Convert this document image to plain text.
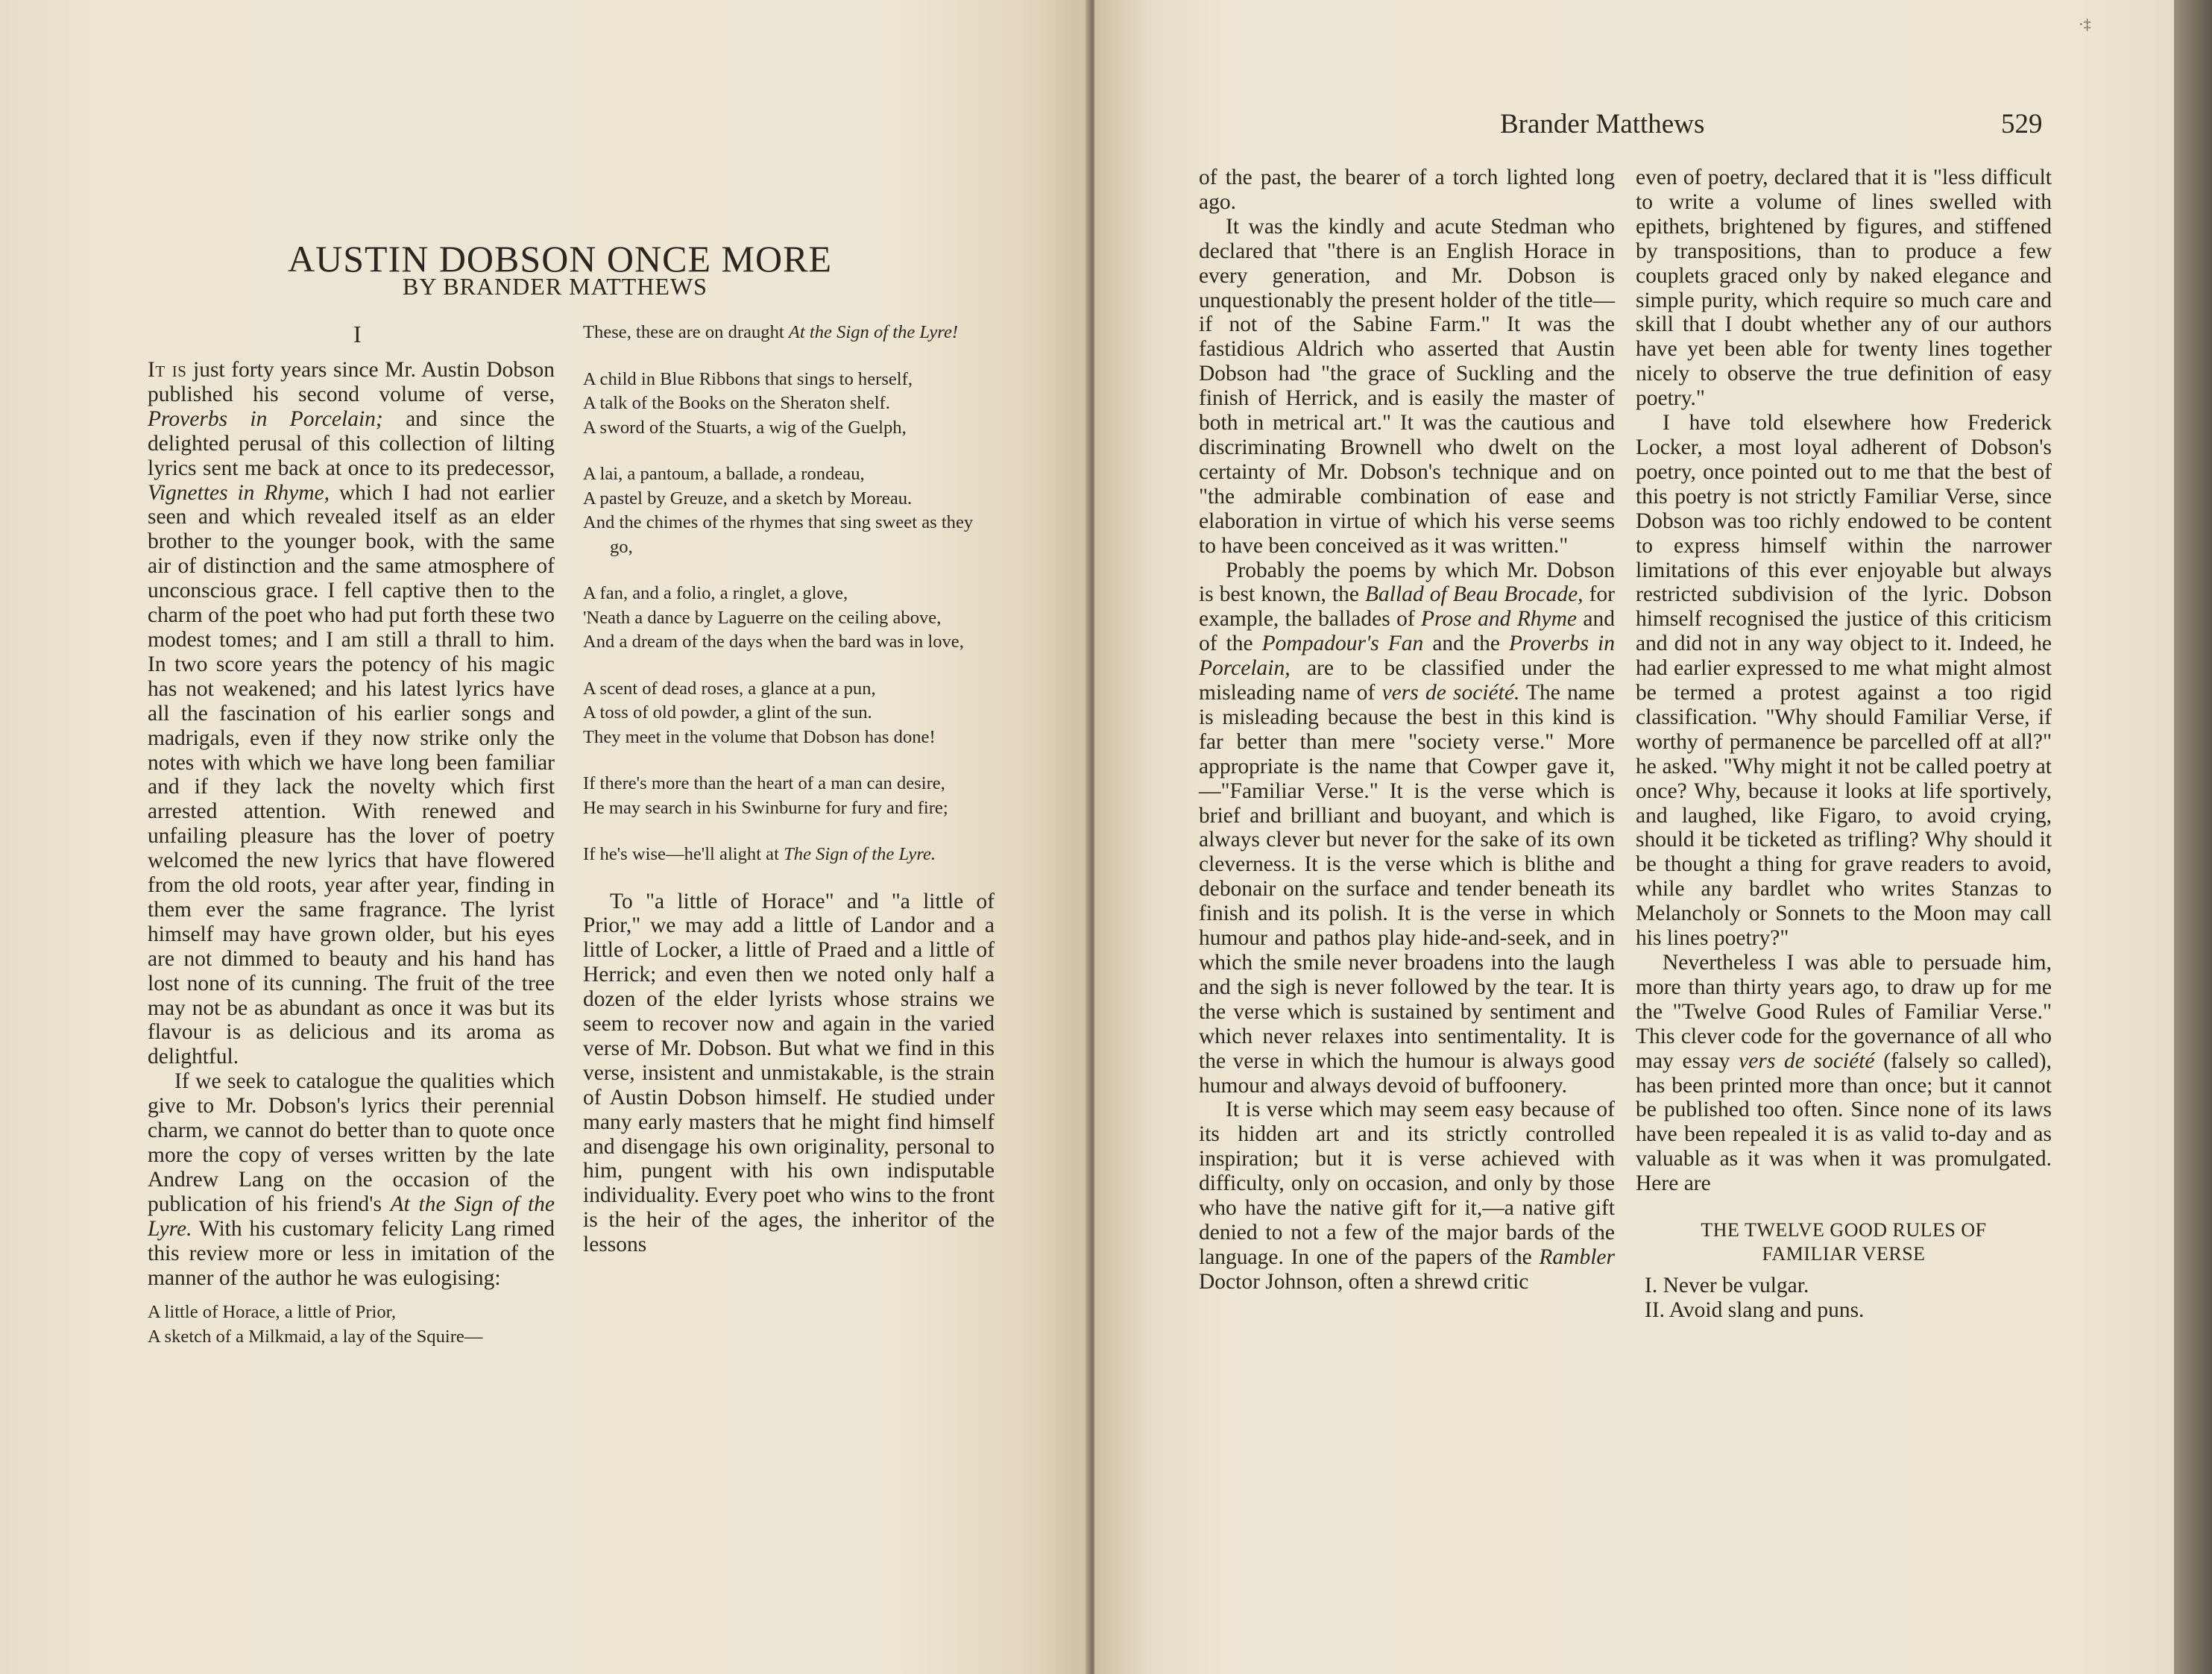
AUSTIN DOBSON ONCE MORE
BY BRANDER MATTHEWS
I

It is just forty years since Mr. Austin Dobson published his second volume of verse, Proverbs in Porcelain; and since the delighted perusal of this collection of lilting lyrics sent me back at once to its predecessor, Vignettes in Rhyme, which I had not earlier seen and which revealed itself as an elder brother to the younger book, with the same air of distinction and the same atmosphere of unconscious grace. I fell captive then to the charm of the poet who had put forth these two modest tomes; and I am still a thrall to him. In two score years the potency of his magic has not weakened; and his latest lyrics have all the fascination of his earlier songs and madrigals, even if they now strike only the notes with which we have long been familiar and if they lack the novelty which first arrested attention. With renewed and unfailing pleasure has the lover of poetry welcomed the new lyrics that have flowered from the old roots, year after year, finding in them ever the same fragrance. The lyrist himself may have grown older, but his eyes are not dimmed to beauty and his hand has lost none of its cunning. The fruit of the tree may not be as abundant as once it was but its flavour is as delicious and its aroma as delightful.

If we seek to catalogue the qualities which give to Mr. Dobson's lyrics their perennial charm, we cannot do better than to quote once more the copy of verses written by the late Andrew Lang on the occasion of the publication of his friend's At the Sign of the Lyre. With his customary felicity Lang rimed this review more or less in imitation of the manner of the author he was eulogising:

A little of Horace, a little of Prior,
A sketch of a Milkmaid, a lay of the Squire—
These, these are on draught At the Sign of the Lyre!
A child in Blue Ribbons that sings to herself,
A talk of the Books on the Sheraton shelf.
A sword of the Stuarts, a wig of the Guelph,
A lai, a pantoum, a ballade, a rondeau,
A pastel by Greuze, and a sketch by Moreau.
And the chimes of the rhymes that sing sweet as they go,
A fan, and a folio, a ringlet, a glove,
'Neath a dance by Laguerre on the ceiling above,
And a dream of the days when the bard was in love,
A scent of dead roses, a glance at a pun,
A toss of old powder, a glint of the sun.
They meet in the volume that Dobson has done!
If there's more than the heart of a man can desire,
He may search in his Swinburne for fury and fire;
If he's wise—he'll alight at The Sign of the Lyre.

To "a little of Horace" and "a little of Prior," we may add a little of Landor and a little of Locker, a little of Praed and a little of Herrick; and even then we noted only half a dozen of the elder lyrists whose strains we seem to recover now and again in the varied verse of Mr. Dobson. But what we find in this verse, insistent and unmistakable, is the strain of Austin Dobson himself. He studied under many early masters that he might find himself and disengage his own originality, personal to him, pungent with his own indisputable individuality. Every poet who wins to the front is the heir of the ages, the inheritor of the lessons

Brander Matthews	529
·‡

of the past, the bearer of a torch lighted long ago.

It was the kindly and acute Stedman who declared that "there is an English Horace in every generation, and Mr. Dobson is unquestionably the present holder of the title—if not of the Sabine Farm." It was the fastidious Aldrich who asserted that Austin Dobson had "the grace of Suckling and the finish of Herrick, and is easily the master of both in metrical art." It was the cautious and discriminating Brownell who dwelt on the certainty of Mr. Dobson's technique and on "the admirable combination of ease and elaboration in virtue of which his verse seems to have been conceived as it was written."

Probably the poems by which Mr. Dobson is best known, the Ballad of Beau Brocade, for example, the ballades of Prose and Rhyme and of the Pompadour's Fan and the Proverbs in Porcelain, are to be classified under the misleading name of vers de société. The name is misleading because the best in this kind is far better than mere "society verse." More appropriate is the name that Cowper gave it,—"Familiar Verse." It is the verse which is brief and brilliant and buoyant, and which is always clever but never for the sake of its own cleverness. It is the verse which is blithe and debonair on the surface and tender beneath its finish and its polish. It is the verse in which humour and pathos play hide-and-seek, and in which the smile never broadens into the laugh and the sigh is never followed by the tear. It is the verse which is sustained by sentiment and which never relaxes into sentimentality. It is the verse in which the humour is always good humour and always devoid of buffoonery.

It is verse which may seem easy because of its hidden art and its strictly controlled inspiration; but it is verse achieved with difficulty, only on occasion, and only by those who have the native gift for it,—a native gift denied to not a few of the major bards of the language. In one of the papers of the Rambler Doctor Johnson, often a shrewd critic

even of poetry, declared that it is "less difficult to write a volume of lines swelled with epithets, brightened by figures, and stiffened by transpositions, than to produce a few couplets graced only by naked elegance and simple purity, which require so much care and skill that I doubt whether any of our authors have yet been able for twenty lines together nicely to observe the true definition of easy poetry."

I have told elsewhere how Frederick Locker, a most loyal adherent of Dobson's poetry, once pointed out to me that the best of this poetry is not strictly Familiar Verse, since Dobson was too richly endowed to be content to express himself within the narrower limitations of this ever enjoyable but always restricted subdivision of the lyric. Dobson himself recognised the justice of this criticism and did not in any way object to it. Indeed, he had earlier expressed to me what might almost be termed a protest against a too rigid classification. "Why should Familiar Verse, if worthy of permanence be parcelled off at all?" he asked. "Why might it not be called poetry at once? Why, because it looks at life sportively, and laughed, like Figaro, to avoid crying, should it be ticketed as trifling? Why should it be thought a thing for grave readers to avoid, while any bardlet who writes Stanzas to Melancholy or Sonnets to the Moon may call his lines poetry?"

Nevertheless I was able to persuade him, more than thirty years ago, to draw up for me the "Twelve Good Rules of Familiar Verse." This clever code for the governance of all who may essay vers de société (falsely so called), has been printed more than once; but it cannot be published too often. Since none of its laws have been repealed it is as valid to-day and as valuable as it was when it was promulgated. Here are

THE TWELVE GOOD RULES OF
FAMILIAR VERSE
I. Never be vulgar.
II. Avoid slang and puns.
